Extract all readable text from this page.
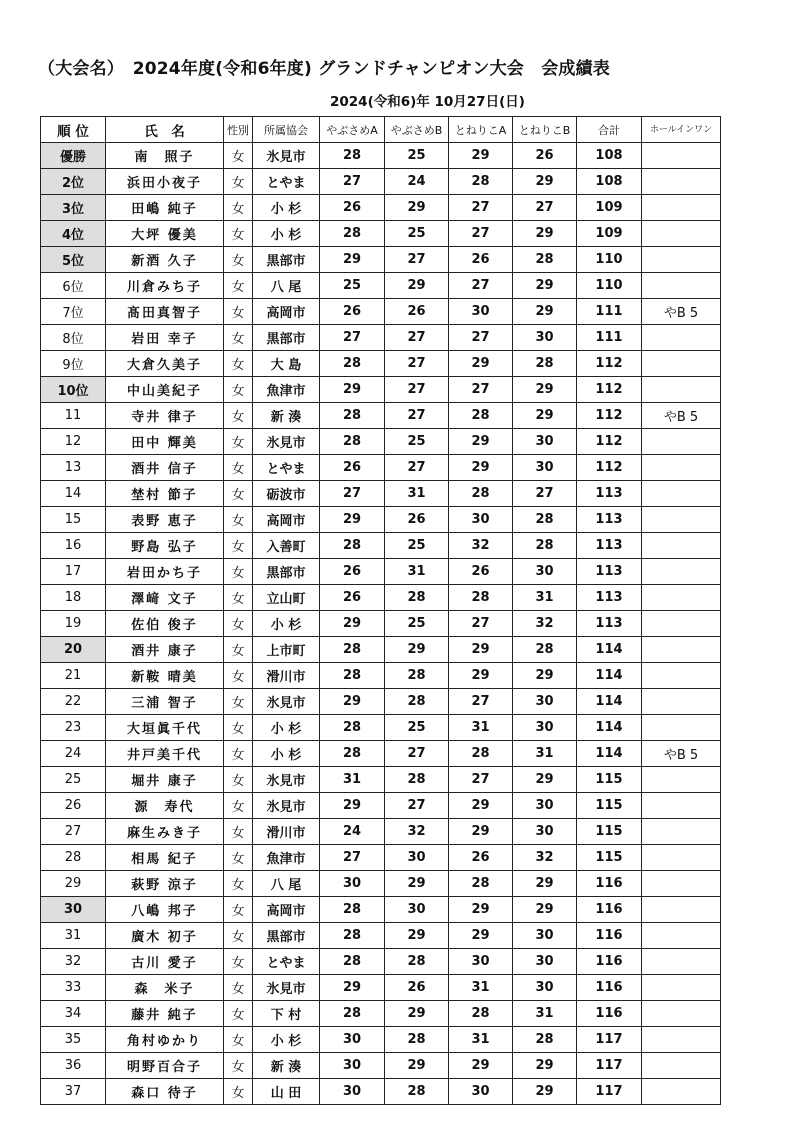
（大会名）　2024年度(令和6年度) グランドチャンピオン大会　会成績表
2024(令和6)年 10月27日(日)
順 位	氏　名	性別	所属協会	やぶさめA	やぶさめB	とねりこA	とねりこB	合計	ホールインワン
優勝	南　照子	女	氷見市	28	25	29	26	108	
2位	浜田小夜子	女	とやま	27	24	28	29	108	
3位	田嶋 純子	女	小 杉	26	29	27	27	109	
4位	大坪 優美	女	小 杉	28	25	27	29	109	
5位	新酒 久子	女	黒部市	29	27	26	28	110	
6位	川倉みち子	女	八 尾	25	29	27	29	110	
7位	髙田真智子	女	高岡市	26	26	30	29	111	やB 5
8位	岩田 幸子	女	黒部市	27	27	27	30	111	
9位	大倉久美子	女	大 島	28	27	29	28	112	
10位	中山美紀子	女	魚津市	29	27	27	29	112	
11	寺井 律子	女	新 湊	28	27	28	29	112	やB 5
12	田中 輝美	女	氷見市	28	25	29	30	112	
13	酒井 信子	女	とやま	26	27	29	30	112	
14	埜村 節子	女	砺波市	27	31	28	27	113	
15	表野 恵子	女	高岡市	29	26	30	28	113	
16	野島 弘子	女	入善町	28	25	32	28	113	
17	岩田かち子	女	黒部市	26	31	26	30	113	
18	澤﨑 文子	女	立山町	26	28	28	31	113	
19	佐伯 俊子	女	小 杉	29	25	27	32	113	
20	酒井 康子	女	上市町	28	29	29	28	114	
21	新鞍 晴美	女	滑川市	28	28	29	29	114	
22	三浦 智子	女	氷見市	29	28	27	30	114	
23	大垣眞千代	女	小 杉	28	25	31	30	114	
24	井戸美千代	女	小 杉	28	27	28	31	114	やB 5
25	堀井 康子	女	氷見市	31	28	27	29	115	
26	源　寿代	女	氷見市	29	27	29	30	115	
27	麻生みき子	女	滑川市	24	32	29	30	115	
28	相馬 紀子	女	魚津市	27	30	26	32	115	
29	萩野 涼子	女	八 尾	30	29	28	29	116	
30	八嶋 邦子	女	高岡市	28	30	29	29	116	
31	廣木 初子	女	黒部市	28	29	29	30	116	
32	古川 愛子	女	とやま	28	28	30	30	116	
33	森　米子	女	氷見市	29	26	31	30	116	
34	藤井 純子	女	下 村	28	29	28	31	116	
35	角村ゆかり	女	小 杉	30	28	31	28	117	
36	明野百合子	女	新 湊	30	29	29	29	117	
37	森口 待子	女	山 田	30	28	30	29	117	
